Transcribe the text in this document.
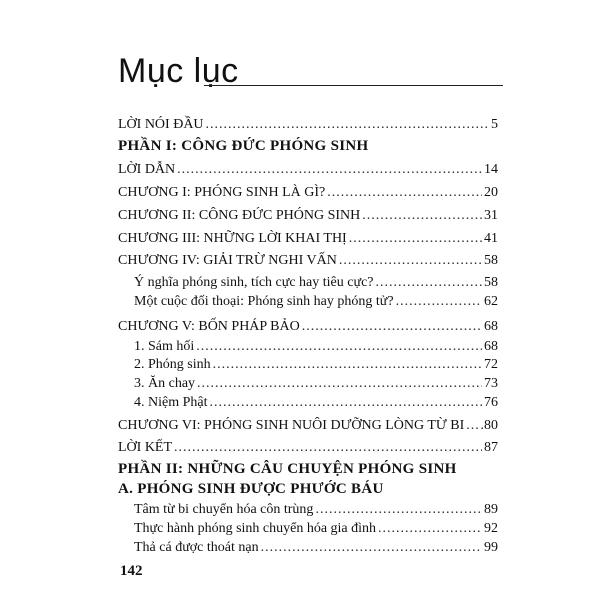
Mục lục
LỜI NÓI ĐẦU .....	5
PHẦN I: CÔNG ĐỨC PHÓNG SINH
LỜI DẪN .....	14
CHƯƠNG I: PHÓNG SINH LÀ GÌ? .....	20
CHƯƠNG II: CÔNG ĐỨC PHÓNG SINH .....	31
CHƯƠNG III: NHỮNG LỜI KHAI THỊ .....	41
CHƯƠNG IV: GIẢI TRỪ NGHI VẤN .....	58
Ý nghĩa phóng sinh, tích cực hay tiêu cực? .....	58
Một cuộc đối thoại: Phóng sinh hay phóng tử? .....	62
CHƯƠNG V: BỐN PHÁP BẢO .....	68
1. Sám hối .....	68
2. Phóng sinh .....	72
3. Ăn chay .....	73
4. Niệm Phật .....	76
CHƯƠNG VI: PHÓNG SINH NUÔI DƯỠNG LÒNG TỪ BI ..... .80
LỜI KẾT .....	87
PHẦN II: NHỮNG CÂU CHUYỆN PHÓNG SINH
A. PHÓNG SINH ĐƯỢC PHƯỚC BÁU
Tâm từ bi chuyển hóa côn trùng .....	89
Thực hành phóng sinh chuyển hóa gia đình .....	92
Thả cá được thoát nạn .....	99
142
